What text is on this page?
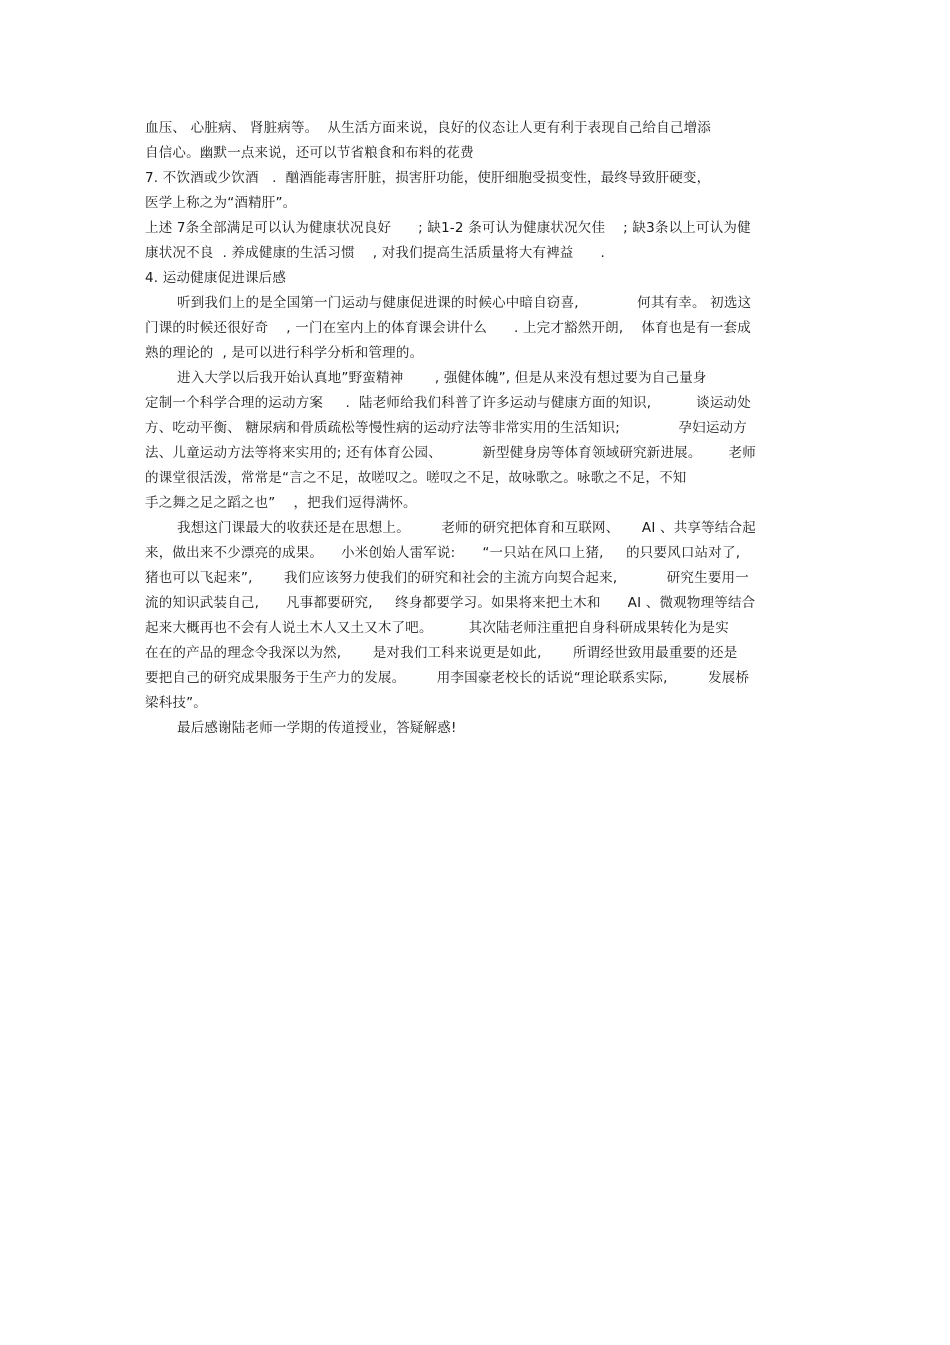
血压、 心脏病、 肾脏病等。  从生活方面来说，良好的仪态让人更有利于表现自己给自己增添
自信心。幽默一点来说，还可以节省粮食和布料的花费
7. 不饮酒或少饮酒   .  酗酒能毒害肝脏，损害肝功能，使肝细胞受损变性，最终导致肝硬变，
医学上称之为“酒精肝”。
上述 7条全部满足可以认为健康状况良好      ; 缺1-2 条可认为健康状况欠佳    ; 缺3条以上可认为健
康状况不良  . 养成健康的生活习惯    , 对我们提高生活质量将大有裨益      .
4. 运动健康促进课后感
听到我们上的是全国第一门运动与健康促进课的时候心中暗自窃喜,             何其有幸。 初选这
门课的时候还很好奇    , 一门在室内上的体育课会讲什么      . 上完才豁然开朗,    体育也是有一套成
熟的理论的  , 是可以进行科学分析和管理的。
进入大学以后我开始认真地”野蛮精神       , 强健体魄”, 但是从来没有想过要为自己量身
定制一个科学合理的运动方案     .  陆老师给我们科普了许多运动与健康方面的知识,          谈运动处
方、吃动平衡、 糖尿病和骨质疏松等慢性病的运动疗法等非常实用的生活知识;             孕妇运动方
法、儿童运动方法等将来实用的; 还有体育公园、         新型健身房等体育领域研究新进展。      老师
的课堂很活泼，常常是“言之不足，故嗟叹之。嗟叹之不足，故咏歌之。咏歌之不足，不知
手之舞之足之蹈之也”    ，把我们逗得满怀。
我想这门课最大的收获还是在思想上。       老师的研究把体育和互联网、     AI 、共享等结合起
来，做出来不少漂亮的成果。    小米创始人雷军说:      “一只站在风口上猪,     的只要风口站对了,
猪也可以飞起来”,       我们应该努力使我们的研究和社会的主流方向契合起来,           研究生要用一
流的知识武装自己,      凡事都要研究,     终身都要学习。如果将来把土木和      AI 、微观物理等结合
起来大概再也不会有人说土木人又土又木了吧。        其次陆老师注重把自身科研成果转化为是实
在在的产品的理念令我深以为然,       是对我们工科来说更是如此,       所谓经世致用最重要的还是
要把自己的研究成果服务于生产力的发展。       用李国豪老校长的话说“理论联系实际,         发展桥
梁科技”。
最后感谢陆老师一学期的传道授业，答疑解惑!
